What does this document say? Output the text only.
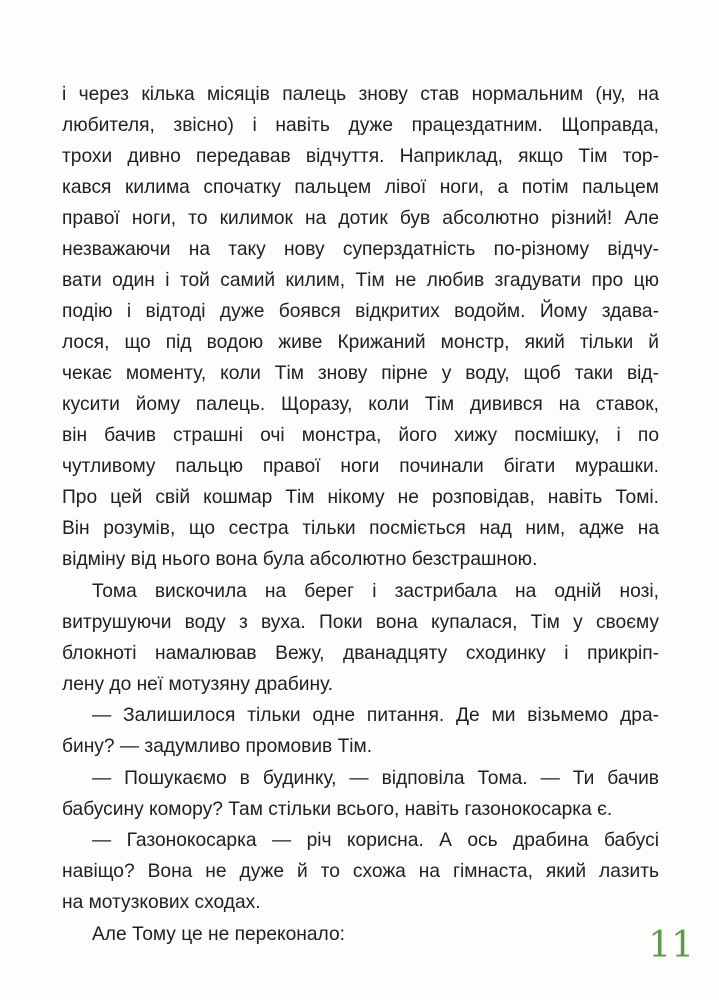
і через кілька місяців палець знову став нормальним (ну, на
любителя, звісно) і навіть дуже працездатним. Щоправда,
трохи дивно передавав відчуття. Наприклад, якщо Тім тор-
кався килима спочатку пальцем лівої ноги, а потім пальцем
правої ноги, то килимок на дотик був абсолютно різний! Але
незважаючи на таку нову суперздатність по-різному відчу-
вати один і той самий килим, Тім не любив згадувати про цю
подію і відтоді дуже боявся відкритих водойм. Йому здава-
лося, що під водою живе Крижаний монстр, який тільки й
чекає моменту, коли Тім знову пірне у воду, щоб таки від-
кусити йому палець. Щоразу, коли Тім дивився на ставок,
він бачив страшні очі монстра, його хижу посмішку, і по
чутливому пальцю правої ноги починали бігати мурашки.
Про цей свій кошмар Тім нікому не розповідав, навіть Томі.
Він розумів, що сестра тільки посміється над ним, адже на
відміну від нього вона була абсолютно безстрашною.
Тома вискочила на берег і застрибала на одній нозі,
витрушуючи воду з вуха. Поки вона купалася, Тім у своєму
блокноті намалював Вежу, дванадцяту сходинку і прикріп-
лену до неї мотузяну драбину.
— Залишилося тільки одне питання. Де ми візьмемо дра-
бину? — задумливо промовив Тім.
— Пошукаємо в будинку, — відповіла Тома. — Ти бачив
бабусину комору? Там стільки всього, навіть газонокосарка є.
— Газонокосарка — річ корисна. А ось драбина бабусі
навіщо? Вона не дуже й то схожа на гімнаста, який лазить
на мотузкових сходах.
Але Тому це не переконало:	11
